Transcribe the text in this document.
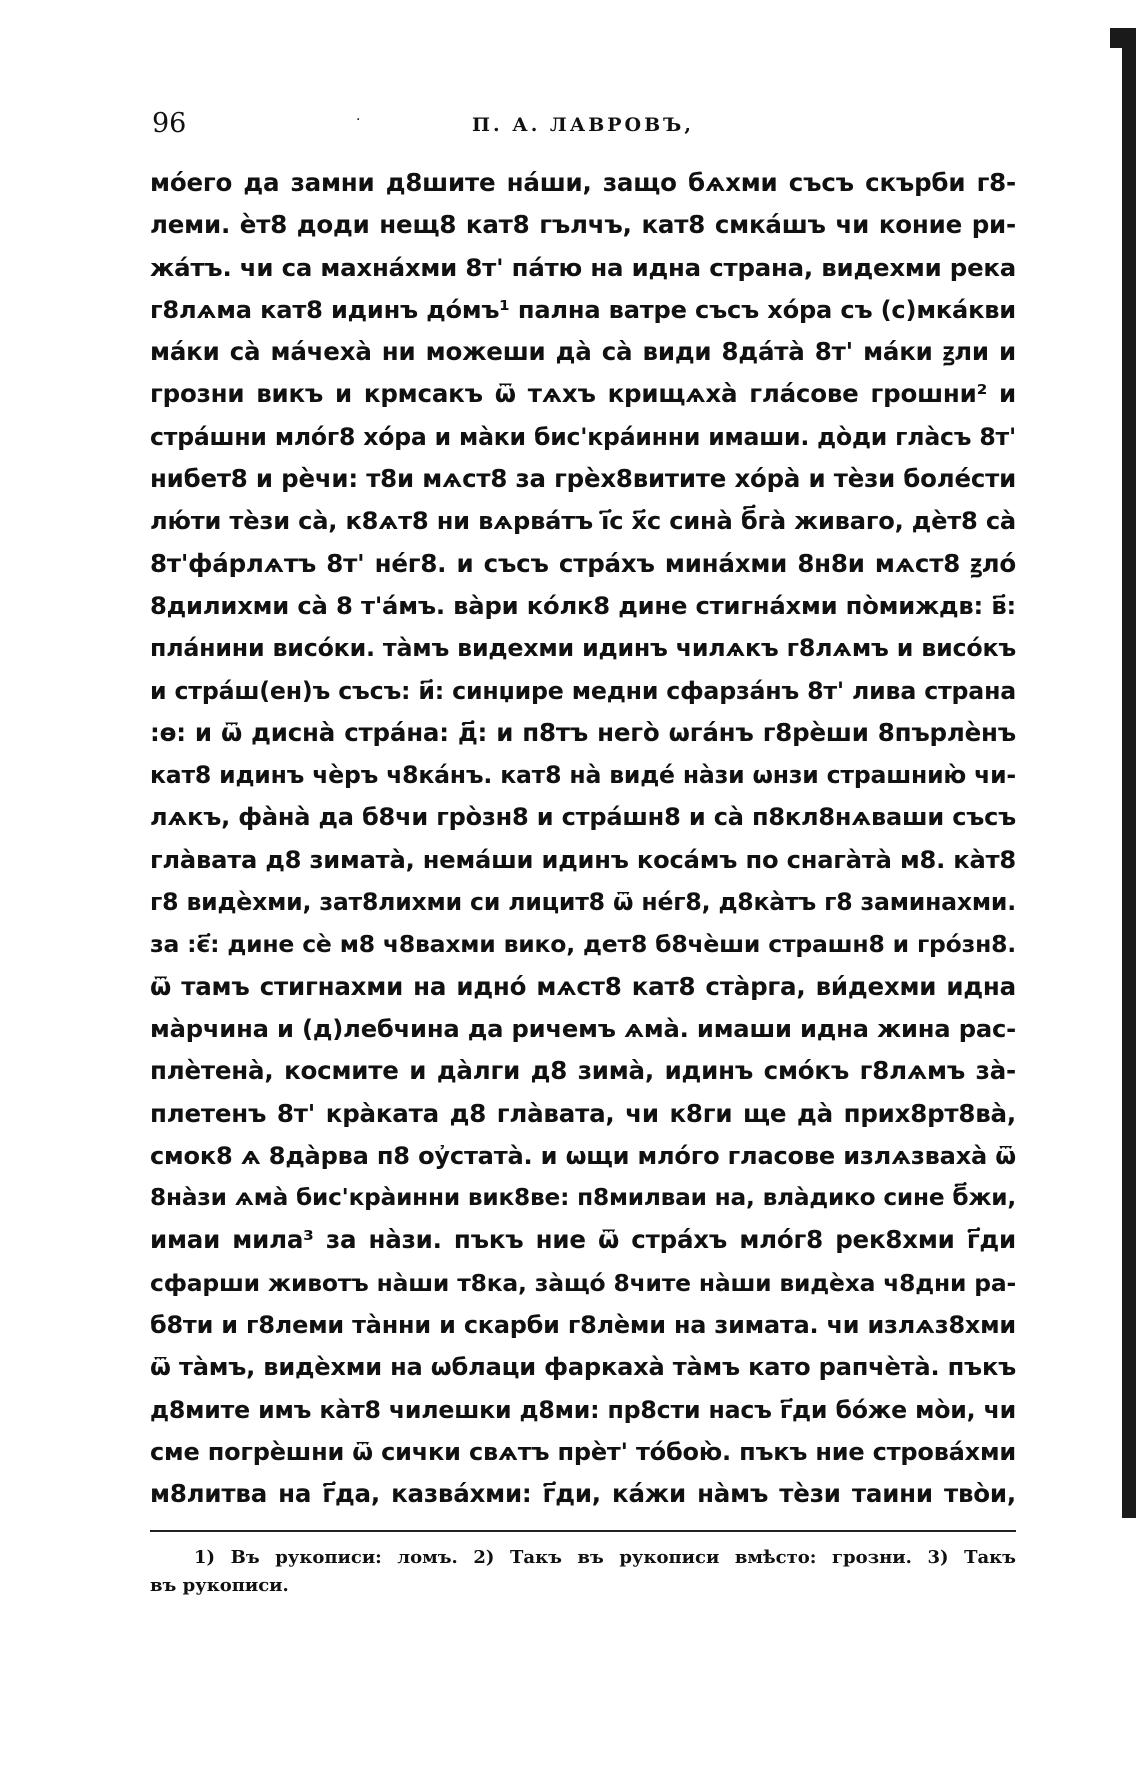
96	·	П. А. ЛАВРОВЪ,
мо́его да замни д8шите на́ши, защо бѧхми съсъ скърби г8-
леми. ѐт8 доди нещ8 кат8 гълчъ, кат8 смка́шъ чи коние ри-
жа́тъ. чи са махна́хми 8т' па́тю на идна страна, видехми река
г8лѧма кат8 идинъ до́мъ¹ пална ватре съсъ хо́ра съ (с)мка́кви
ма́ки са̀ ма́чеха̀ ни можеши да̀ са̀ види 8да́та̀ 8т' ма́ки ꙃли и
грозни викъ и крмсакъ ѿ тѧхъ крищѧха̀ гла́сове грошни² и
стра́шни мло́г8 хо́ра и ма̀ки бис'кра́инни имаши. до̀ди гла̀съ 8т'
нибет8 и рѐчи: т8и мѧст8 за грѐх8витите хо́ра̀ и тѐзи боле́сти
лю́ти тѐзи са̀, к8ѧт8 ни вѧрва́тъ і҃с х҃с сина̀ б҃га̀ живаго, дѐт8 са̀
8т'фа́рлѧтъ 8т' не́г8. и съсъ стра́хъ мина́хми 8н8и мѧст8 ꙃло́
8дилихми са̀ 8 т'а́мъ. ва̀ри ко́лк8 дине стигна́хми по̀миждв: в҃:
пла́нини висо́ки. та̀мъ видехми идинъ чилѧкъ г8лѧмъ и висо́къ
и стра́ш(ен)ъ съсъ: и҃: синџире медни сфарза́нъ 8т' лива страна
:ѳ: и ѿ дисна̀ стра́на: д҃: и п8тъ него̀ ѡга́нъ г8рѐши 8пърлѐнъ
кат8 идинъ чѐръ ч8ка́нъ. кат8 на̀ виде́ на̀зи ѡнзи страшнию̀ чи-
лѧкъ, фа̀на̀ да б8чи гро̀зн8 и стра́шн8 и са̀ п8кл8нѧваши съсъ
гла̀вата д8 зимата̀, нема́ши идинъ коса́мъ по снага̀та̀ м8. ка̀т8
г8 видѐхми, зат8лихми си лицит8 ѿ не́г8, д8ка̀тъ г8 заминахми.
за :є҃: дине сѐ м8 ч8вахми вико, дет8 б8чѐши страшн8 и гро́зн8.
ѿ тамъ стигнахми на идно́ мѧст8 кат8 ста̀рга, ви́дехми идна
ма̀рчина и (д)лебчина да ричемъ ѧма̀. имаши идна жина рас-
плѐтена̀, космите и да̀лги д8 зима̀, идинъ смо́къ г8лѧмъ за̀-
плетенъ 8т' кра̀ката д8 гла̀вата, чи к8ги ще да̀ прих8рт8ва̀,
смок8 ѧ 8да̀рва п8 оу҆стата̀. и ѡщи мло́го гласове излѧзваха̀ ѿ
8на̀зи ѧма̀ бис'кра̀инни вик8ве: п8милваи на, вла̀дико сине б҃жи,
имаи мила³ за на̀зи. пъкъ ние ѿ стра́хъ мло́г8 рек8хми г҃ди
сфарши животъ на̀ши т8ка, за̀що́ 8чите на̀ши видѐха ч8дни ра-
б8ти и г8леми та̀нни и скарби г8лѐми на зимата. чи излѧз8хми
ѿ та̀мъ, видѐхми на ѡблаци фаркаха̀ та̀мъ като рапчѐта̀. пъкъ
д8мите имъ ка̀т8 чилешки д8ми: пр8сти насъ г҃ди бо́же мо̀и, чи
сме погрѐшни ѿ сички свѧтъ прѐт' то́бою̀. пъкъ ние строва́хми
м8литва на г҃да, казва́хми: г҃ди, ка́жи на̀мъ тѐзи таини тво̀и,
1) Въ рукописи: ломъ. 2) Такъ въ рукописи вмѣсто: грозни. 3) Такъ
въ рукописи.
